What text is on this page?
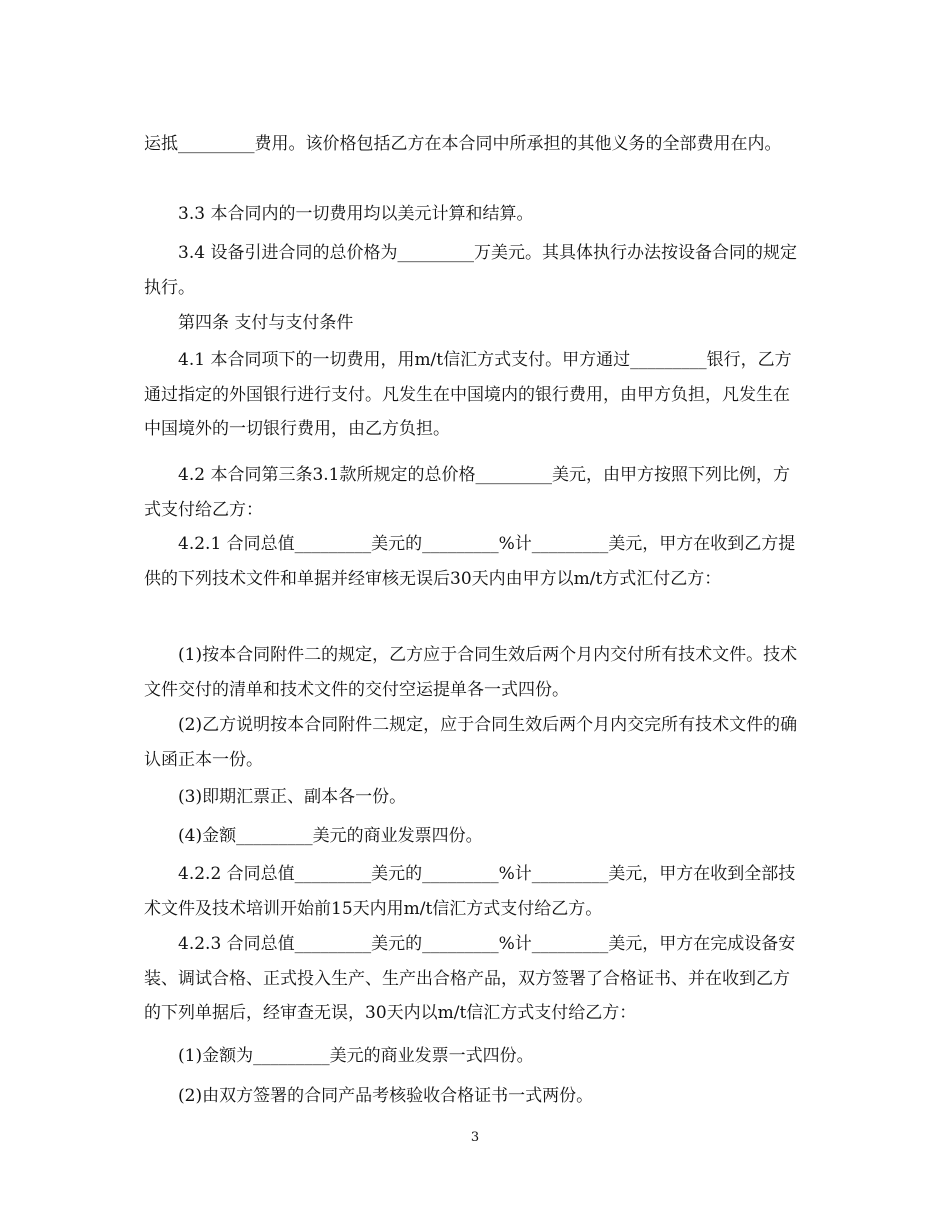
运抵_________费用。该价格包括乙方在本合同中所承担的其他义务的全部费用在内。

3.3 本合同内的一切费用均以美元计算和结算。

3.4 设备引进合同的总价格为_________万美元。其具体执行办法按设备合同的规定执行。

第四条 支付与支付条件

4.1 本合同项下的一切费用，用m/t信汇方式支付。甲方通过_________银行，乙方通过指定的外国银行进行支付。凡发生在中国境内的银行费用，由甲方负担，凡发生在中国境外的一切银行费用，由乙方负担。

4.2 本合同第三条3.1款所规定的总价格_________美元，由甲方按照下列比例，方式支付给乙方：

4.2.1 合同总值_________美元的_________%计_________美元，甲方在收到乙方提供的下列技术文件和单据并经审核无误后30天内由甲方以m/t方式汇付乙方：

(1)按本合同附件二的规定，乙方应于合同生效后两个月内交付所有技术文件。技术文件交付的清单和技术文件的交付空运提单各一式四份。

(2)乙方说明按本合同附件二规定，应于合同生效后两个月内交完所有技术文件的确认函正本一份。

(3)即期汇票正、副本各一份。

(4)金额_________美元的商业发票四份。

4.2.2 合同总值_________美元的_________%计_________美元，甲方在收到全部技术文件及技术培训开始前15天内用m/t信汇方式支付给乙方。

4.2.3 合同总值_________美元的_________%计_________美元，甲方在完成设备安装、调试合格、正式投入生产、生产出合格产品，双方签署了合格证书、并在收到乙方的下列单据后，经审查无误，30天内以m/t信汇方式支付给乙方：

(1)金额为_________美元的商业发票一式四份。

(2)由双方签署的合同产品考核验收合格证书一式两份。

3
